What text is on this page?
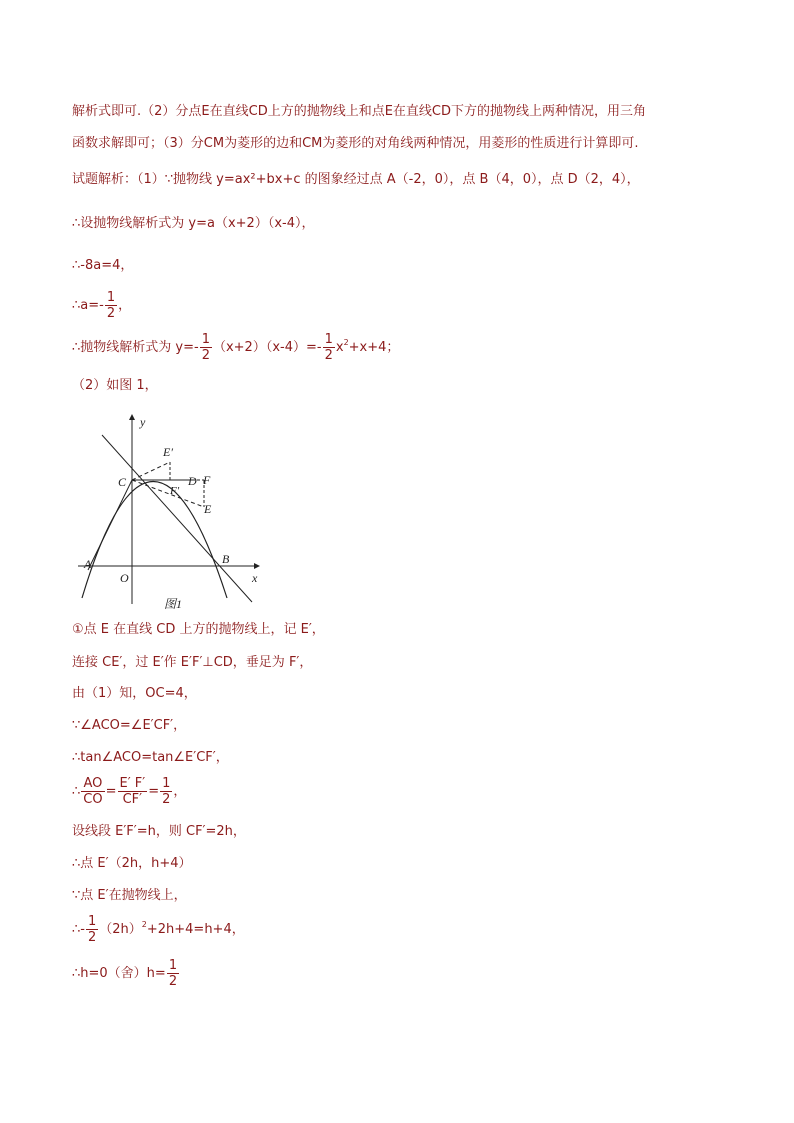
解析式即可.（2）分点E在直线CD上方的抛物线上和点E在直线CD下方的抛物线上两种情况，用三角
函数求解即可；（3）分CM为菱形的边和CM为菱形的对角线两种情况，用菱形的性质进行计算即可.
试题解析：（1）∵抛物线 y=ax²+bx+c 的图象经过点 A（-2，0），点 B（4，0），点 D（2，4），
∴设抛物线解析式为 y=a（x+2）（x-4），
∴-8a=4，
∴a=- $\frac{1}{2}$ ，
∴抛物线解析式为 $y=- \frac{1}{2} (x+2)(x-4)=- \frac{1}{2} x^2+x+4$；
（2）如图 1，
y
x
O
A	B
C	D F
E
E′
F′
图1
①点 E 在直线 CD 上方的抛物线上，记 E′，
连接 CE′，过 E′作 E′F′⊥CD，垂足为 F′，
由（1）知，OC=4，
∵∠ACO=∠E′CF′，
∴tan∠ACO=tan∠E′CF′，
∴ $\frac{AO}{CO} = \frac{E' F'}{CF'} = \frac{1}{2}$ ，
设线段 E′F′=h，则 CF′=2h，
∴点 E′（2h，h+4）
∵点 E′在抛物线上，
∴- $\frac{1}{2} (2h)^2+2h+4=h+4$，
∴h=0（舍）$h= \frac{1}{2}$
